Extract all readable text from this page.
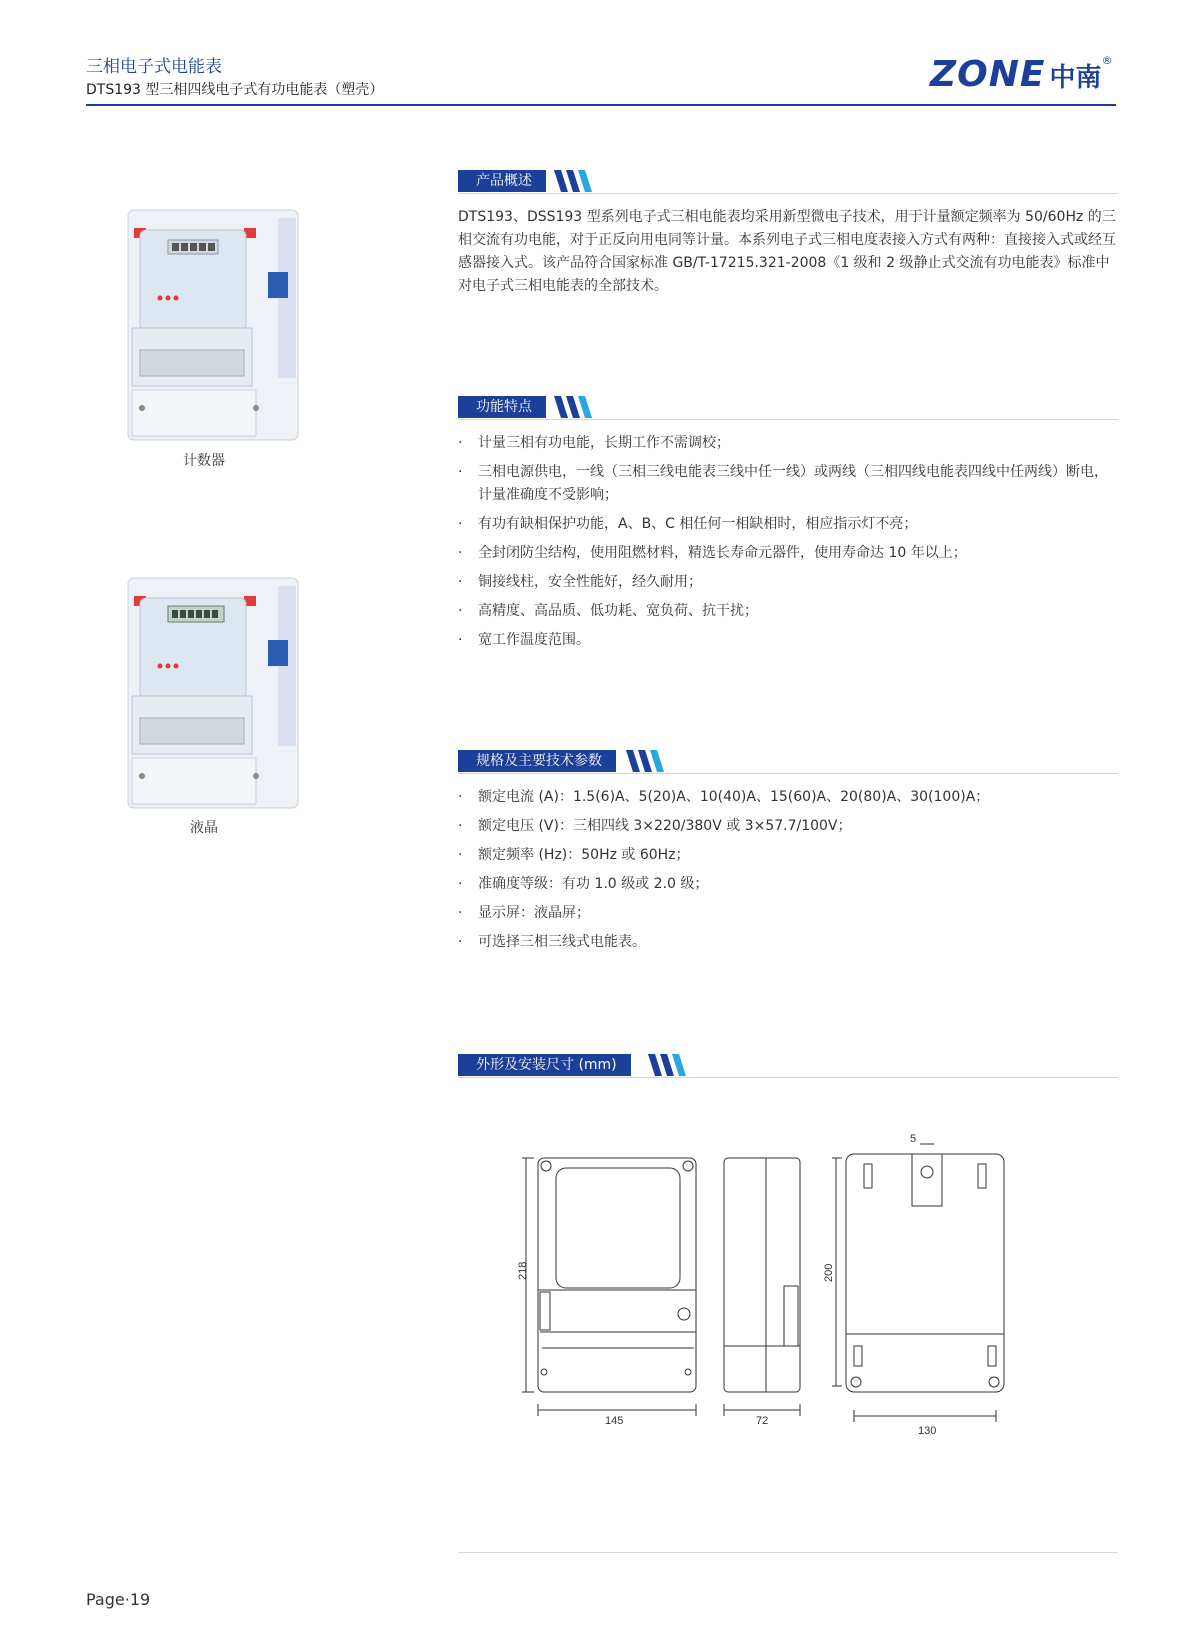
三相电子式电能表
DTS193 型三相四线电子式有功电能表（塑壳）	ZONE 中南®
计数器
液晶
产品概述
DTS193、DSS193 型系列电子式三相电能表均采用新型微电子技术，用于计量额定频率为 50/60Hz 的三相交流有功电能，对于正反向用电同等计量。本系列电子式三相电度表接入方式有两种：直接接入式或经互感器接入式。该产品符合国家标准 GB/T-17215.321-2008《1 级和 2 级静止式交流有功电能表》标准中对电子式三相电能表的全部技术。
功能特点
· 计量三相有功电能，长期工作不需调校；
· 三相电源供电，一线（三相三线电能表三线中任一线）或两线（三相四线电能表四线中任两线）断电，计量准确度不受影响；
· 有功有缺相保护功能，A、B、C 相任何一相缺相时，相应指示灯不亮；
· 全封闭防尘结构，使用阻燃材料，精选长寿命元器件，使用寿命达 10 年以上；
· 铜接线柱，安全性能好，经久耐用；
· 高精度、高品质、低功耗、宽负荷、抗干扰；
· 宽工作温度范围。
规格及主要技术参数
· 额定电流 (A)：1.5(6)A、5(20)A、10(40)A、15(60)A、20(80)A、30(100)A；
· 额定电压 (V)：三相四线 3×220/380V 或 3×57.7/100V；
· 额定频率 (Hz)：50Hz 或 60Hz；
· 准确度等级：有功 1.0 级或 2.0 级；
· 显示屏：液晶屏；
· 可选择三相三线式电能表。
外形及安装尺寸 (mm)
218
145	72
200
130
5
Page·19
